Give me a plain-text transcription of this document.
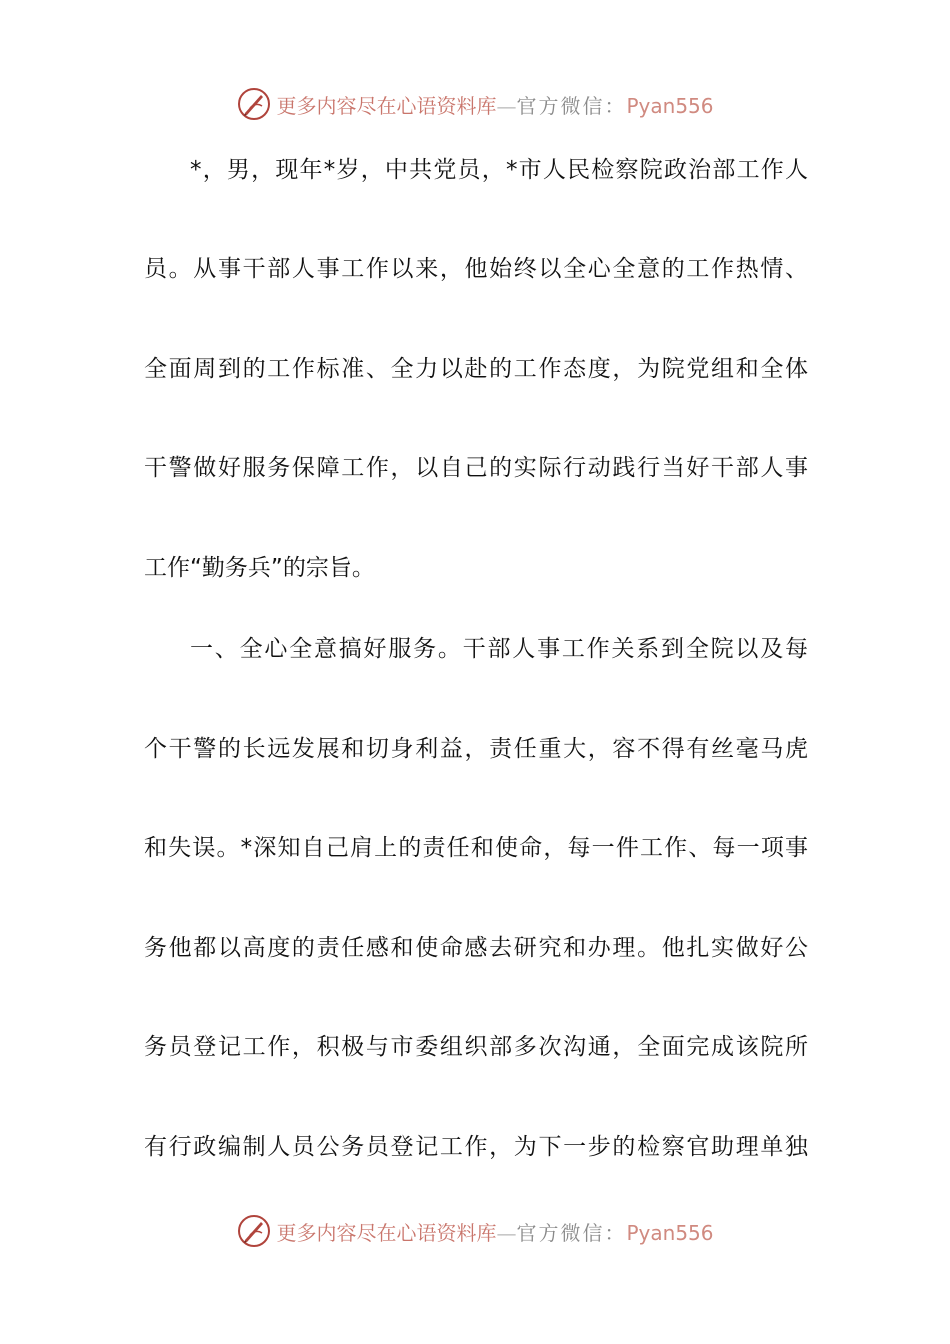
更多内容尽在心语资料库—官方微信：Pyan556
*，男，现年*岁，中共党员，*市人民检察院政治部工作人
员。从事干部人事工作以来，他始终以全心全意的工作热情、
全面周到的工作标准、全力以赴的工作态度，为院党组和全体
干警做好服务保障工作，以自己的实际行动践行当好干部人事
工作“勤务兵”的宗旨。
一、全心全意搞好服务。干部人事工作关系到全院以及每
个干警的长远发展和切身利益，责任重大，容不得有丝毫马虎
和失误。*深知自己肩上的责任和使命，每一件工作、每一项事
务他都以高度的责任感和使命感去研究和办理。他扎实做好公
务员登记工作，积极与市委组织部多次沟通，全面完成该院所
有行政编制人员公务员登记工作，为下一步的检察官助理单独
更多内容尽在心语资料库—官方微信：Pyan556
